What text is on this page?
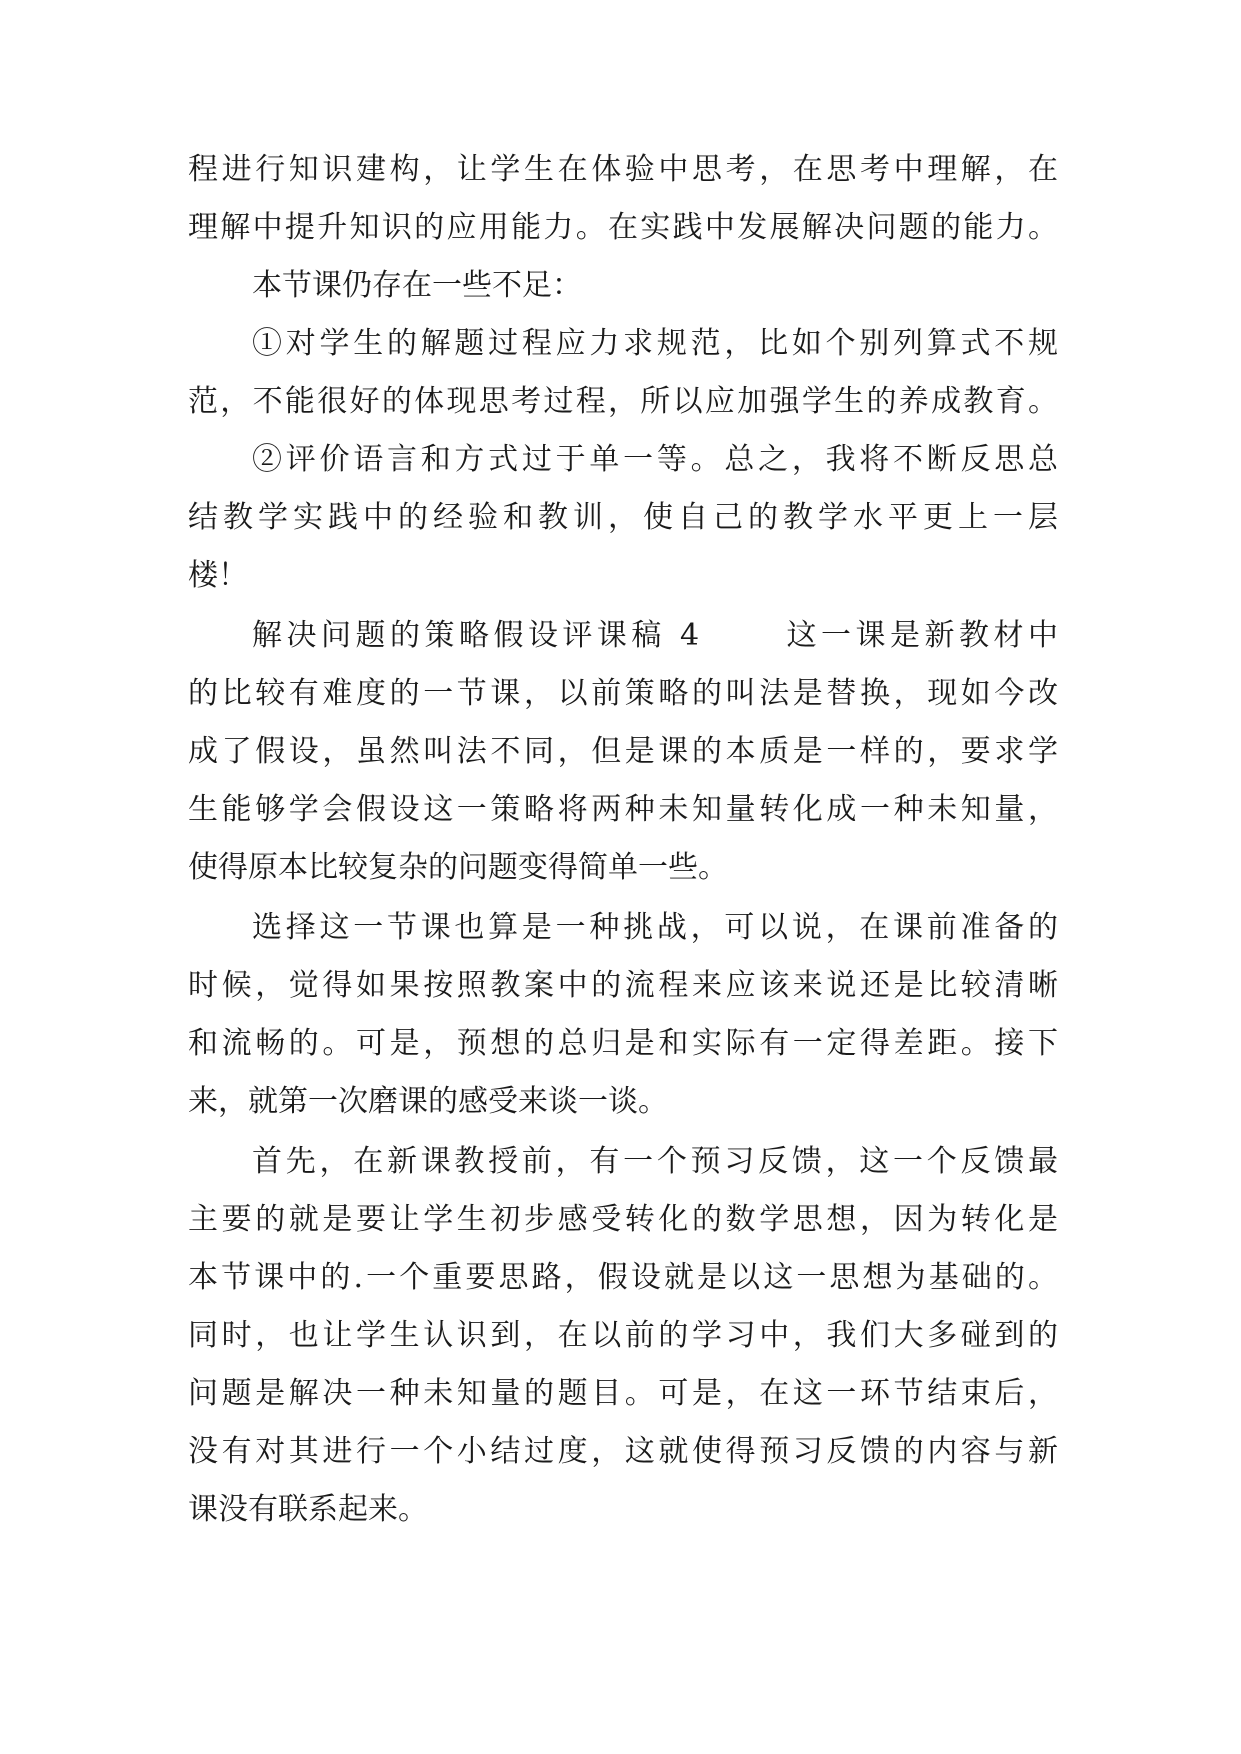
程进行知识建构，让学生在体验中思考，在思考中理解，在
理解中提升知识的应用能力。在实践中发展解决问题的能力。
本节课仍存在一些不足：
①对学生的解题过程应力求规范，比如个别列算式不规
范，不能很好的体现思考过程，所以应加强学生的养成教育。
②评价语言和方式过于单一等。总之，我将不断反思总
结教学实践中的经验和教训，使自己的教学水平更上一层
楼！
解决问题的策略假设评课稿 4　　 这一课是新教材中
的比较有难度的一节课，以前策略的叫法是替换，现如今改
成了假设，虽然叫法不同，但是课的本质是一样的，要求学
生能够学会假设这一策略将两种未知量转化成一种未知量，
使得原本比较复杂的问题变得简单一些。
选择这一节课也算是一种挑战，可以说，在课前准备的
时候，觉得如果按照教案中的流程来应该来说还是比较清晰
和流畅的。可是，预想的总归是和实际有一定得差距。接下
来，就第一次磨课的感受来谈一谈。
首先，在新课教授前，有一个预习反馈，这一个反馈最
主要的就是要让学生初步感受转化的数学思想，因为转化是
本节课中的.一个重要思路，假设就是以这一思想为基础的。
同时，也让学生认识到，在以前的学习中，我们大多碰到的
问题是解决一种未知量的题目。可是，在这一环节结束后，
没有对其进行一个小结过度，这就使得预习反馈的内容与新
课没有联系起来。
